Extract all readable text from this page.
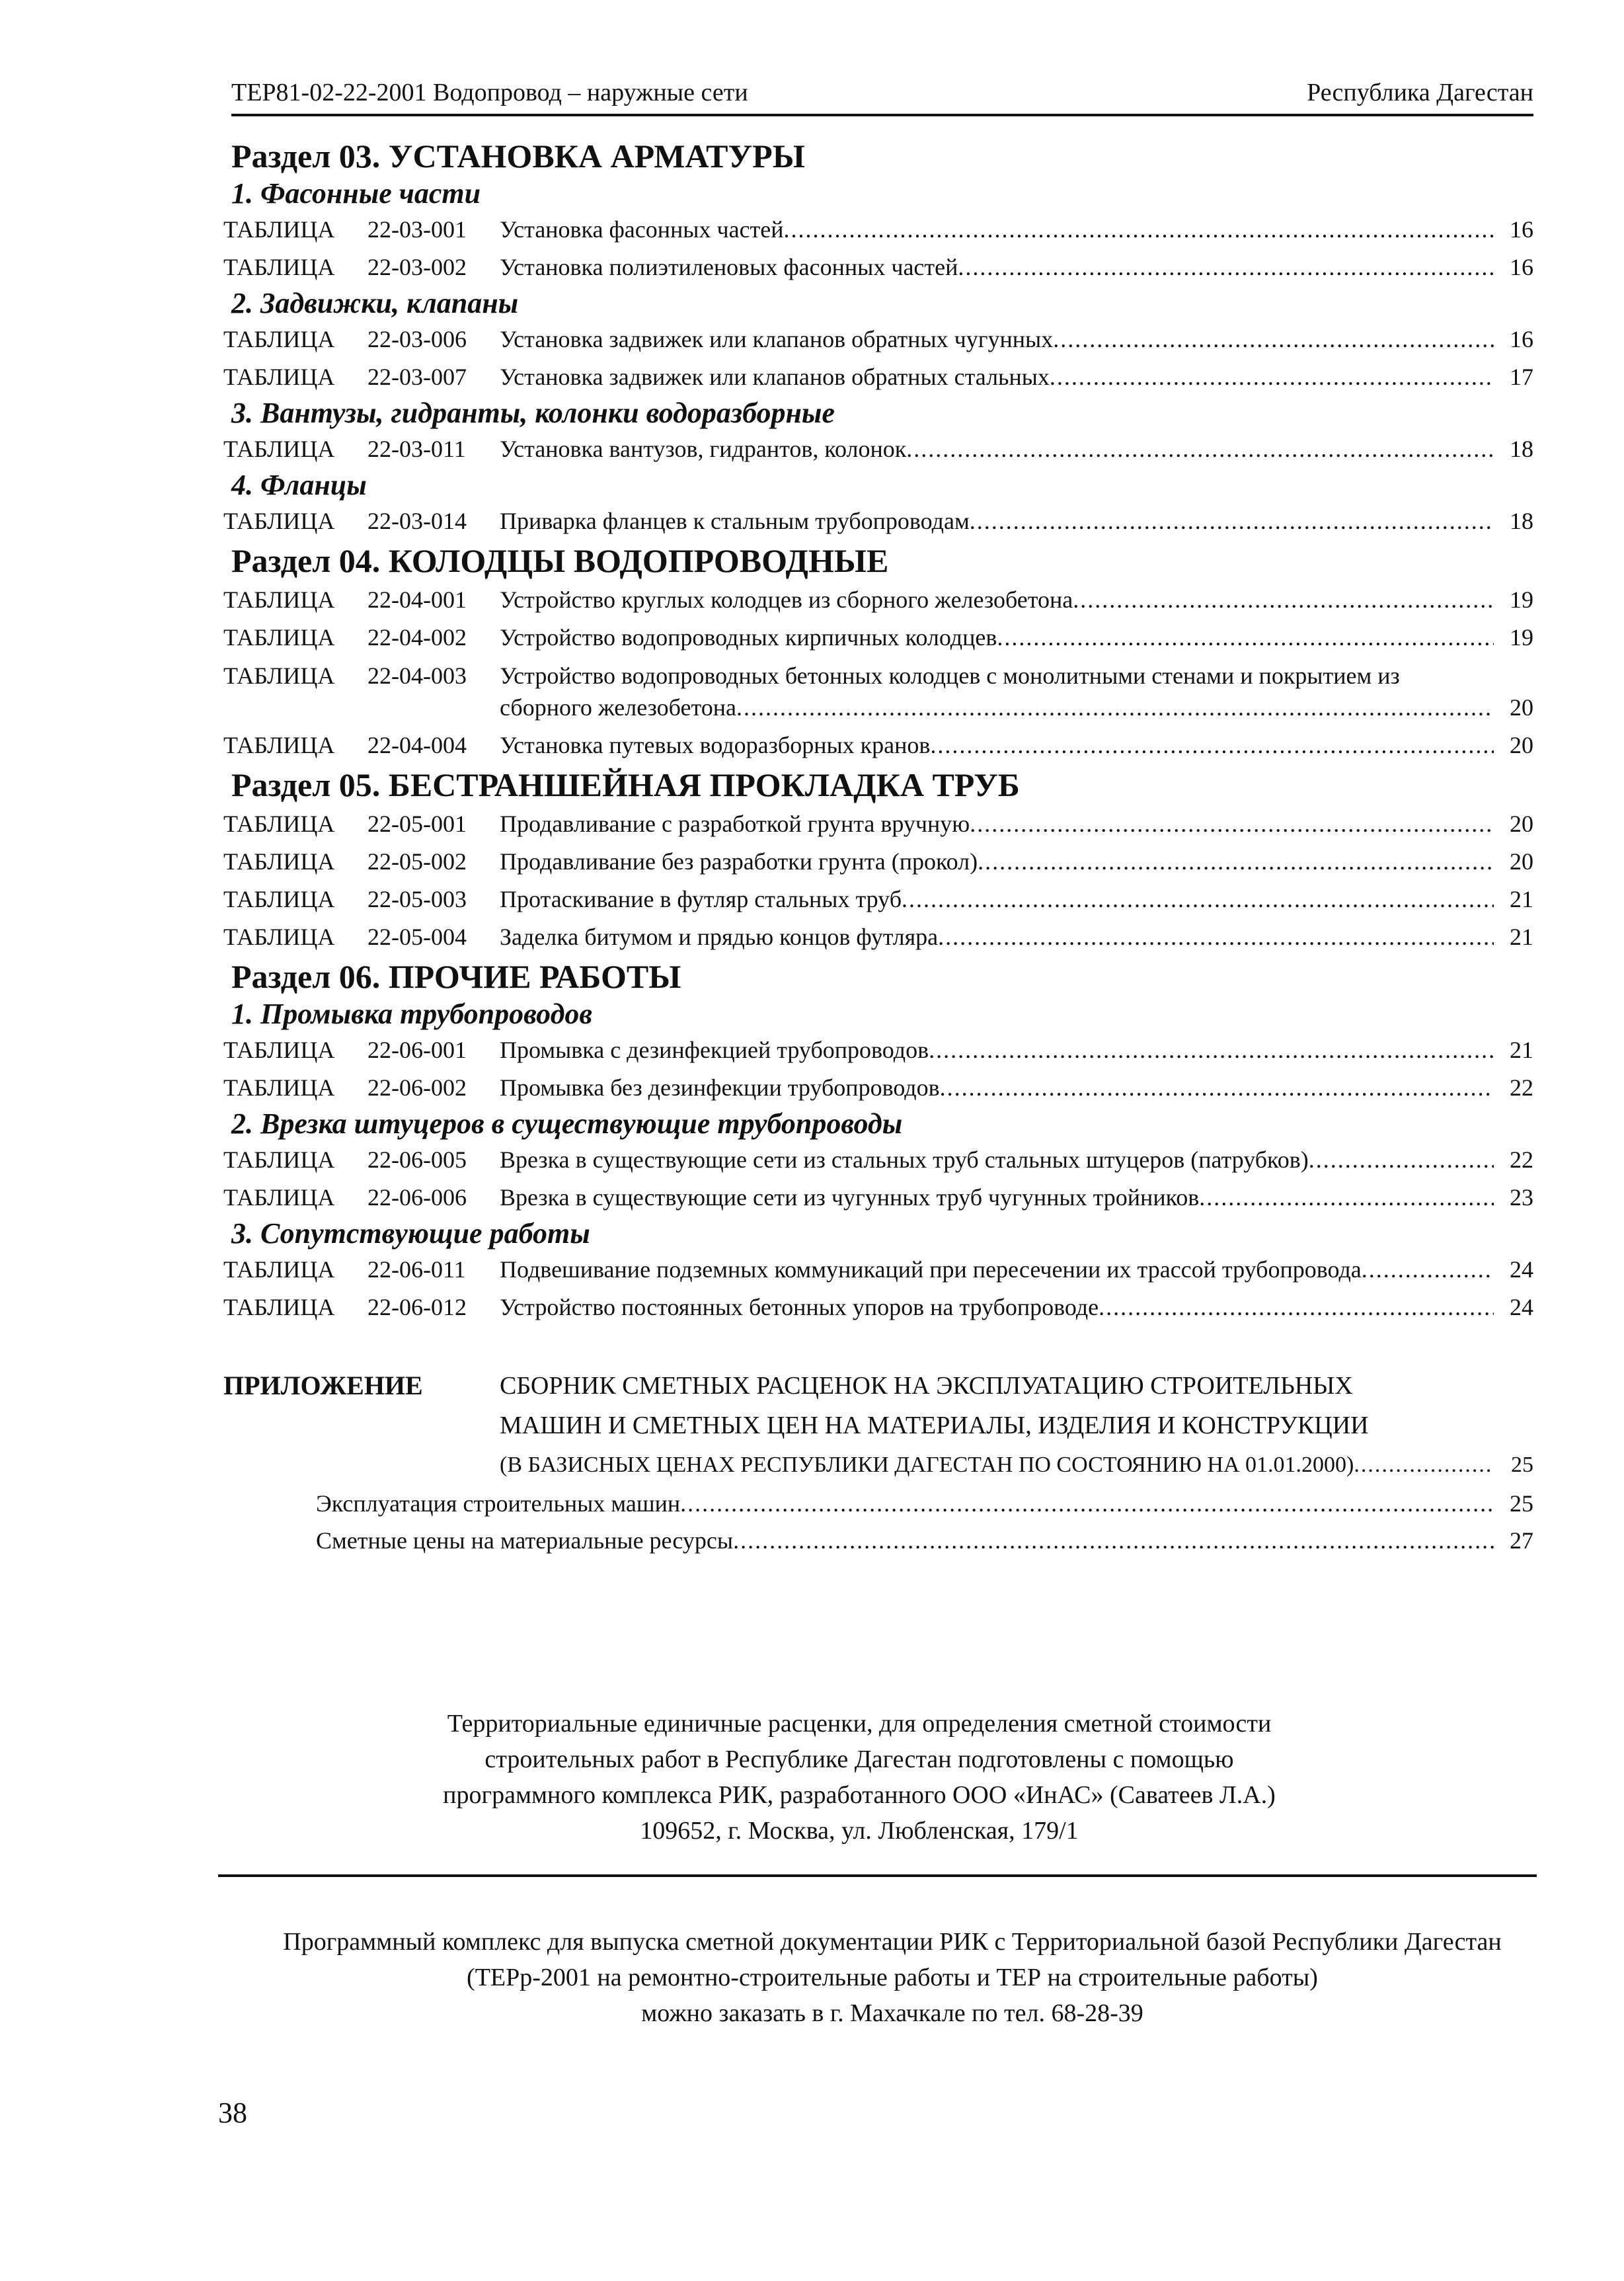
ТЕР81-02-22-2001 Водопровод – наружные сети	Республика Дагестан
Раздел 03. УСТАНОВКА АРМАТУРЫ
1. Фасонные части
ТАБЛИЦА	22-03-001	Установка фасонных частей .....	16
ТАБЛИЦА	22-03-002	Установка полиэтиленовых фасонных частей .....	16
2. Задвижки, клапаны
ТАБЛИЦА	22-03-006	Установка задвижек или клапанов обратных чугунных .....	16
ТАБЛИЦА	22-03-007	Установка задвижек или клапанов обратных стальных .....	17
3. Вантузы, гидранты, колонки водоразборные
ТАБЛИЦА	22-03-011	Установка вантузов, гидрантов, колонок .....	18
4. Фланцы
ТАБЛИЦА	22-03-014	Приварка фланцев к стальным трубопроводам .....	18
Раздел 04. КОЛОДЦЫ ВОДОПРОВОДНЫЕ
ТАБЛИЦА	22-04-001	Устройство круглых колодцев из сборного железобетона .....	19
ТАБЛИЦА	22-04-002	Устройство водопроводных кирпичных колодцев .....	19
ТАБЛИЦА	22-04-003	Устройство водопроводных бетонных колодцев с монолитными стенами и покрытием из
сборного железобетона .....	20
ТАБЛИЦА	22-04-004	Установка путевых водоразборных кранов .....	20
Раздел 05. БЕСТРАНШЕЙНАЯ ПРОКЛАДКА ТРУБ
ТАБЛИЦА	22-05-001	Продавливание с разработкой грунта вручную .....	20
ТАБЛИЦА	22-05-002	Продавливание без разработки грунта (прокол) .....	20
ТАБЛИЦА	22-05-003	Протаскивание в футляр стальных труб .....	21
ТАБЛИЦА	22-05-004	Заделка битумом и прядью концов футляра .....	21
Раздел 06. ПРОЧИЕ РАБОТЫ
1. Промывка трубопроводов
ТАБЛИЦА	22-06-001	Промывка с дезинфекцией трубопроводов .....	21
ТАБЛИЦА	22-06-002	Промывка без дезинфекции трубопроводов .....	22
2. Врезка штуцеров в существующие трубопроводы
ТАБЛИЦА	22-06-005	Врезка в существующие сети из стальных труб стальных штуцеров (патрубков) .....	22
ТАБЛИЦА	22-06-006	Врезка в существующие сети из чугунных труб чугунных тройников .....	23
3. Сопутствующие работы
ТАБЛИЦА	22-06-011	Подвешивание подземных коммуникаций при пересечении их трассой трубопровода .....	24
ТАБЛИЦА	22-06-012	Устройство постоянных бетонных упоров на трубопроводе .....	24
ПРИЛОЖЕНИЕ	СБОРНИК СМЕТНЫХ РАСЦЕНОК НА ЭКСПЛУАТАЦИЮ СТРОИТЕЛЬНЫХ
МАШИН И СМЕТНЫХ ЦЕН НА МАТЕРИАЛЫ, ИЗДЕЛИЯ И КОНСТРУКЦИИ
(В БАЗИСНЫХ ЦЕНАХ РЕСПУБЛИКИ ДАГЕСТАН ПО СОСТОЯНИЮ НА 01.01.2000) .....	25
Эксплуатация строительных машин .....	25
Сметные цены на материальные ресурсы .....	27
Территориальные единичные расценки, для определения сметной стоимости
строительных работ в Республике Дагестан подготовлены с помощью
программного комплекса РИК, разработанного ООО «ИнАС» (Саватеев Л.А.)
109652, г. Москва, ул. Любленская, 179/1
Программный комплекс для выпуска сметной документации РИК с Территориальной базой Республики Дагестан
(ТЕРр-2001 на ремонтно-строительные работы и ТЕР на строительные работы)
можно заказать в г. Махачкале по тел. 68-28-39
38
